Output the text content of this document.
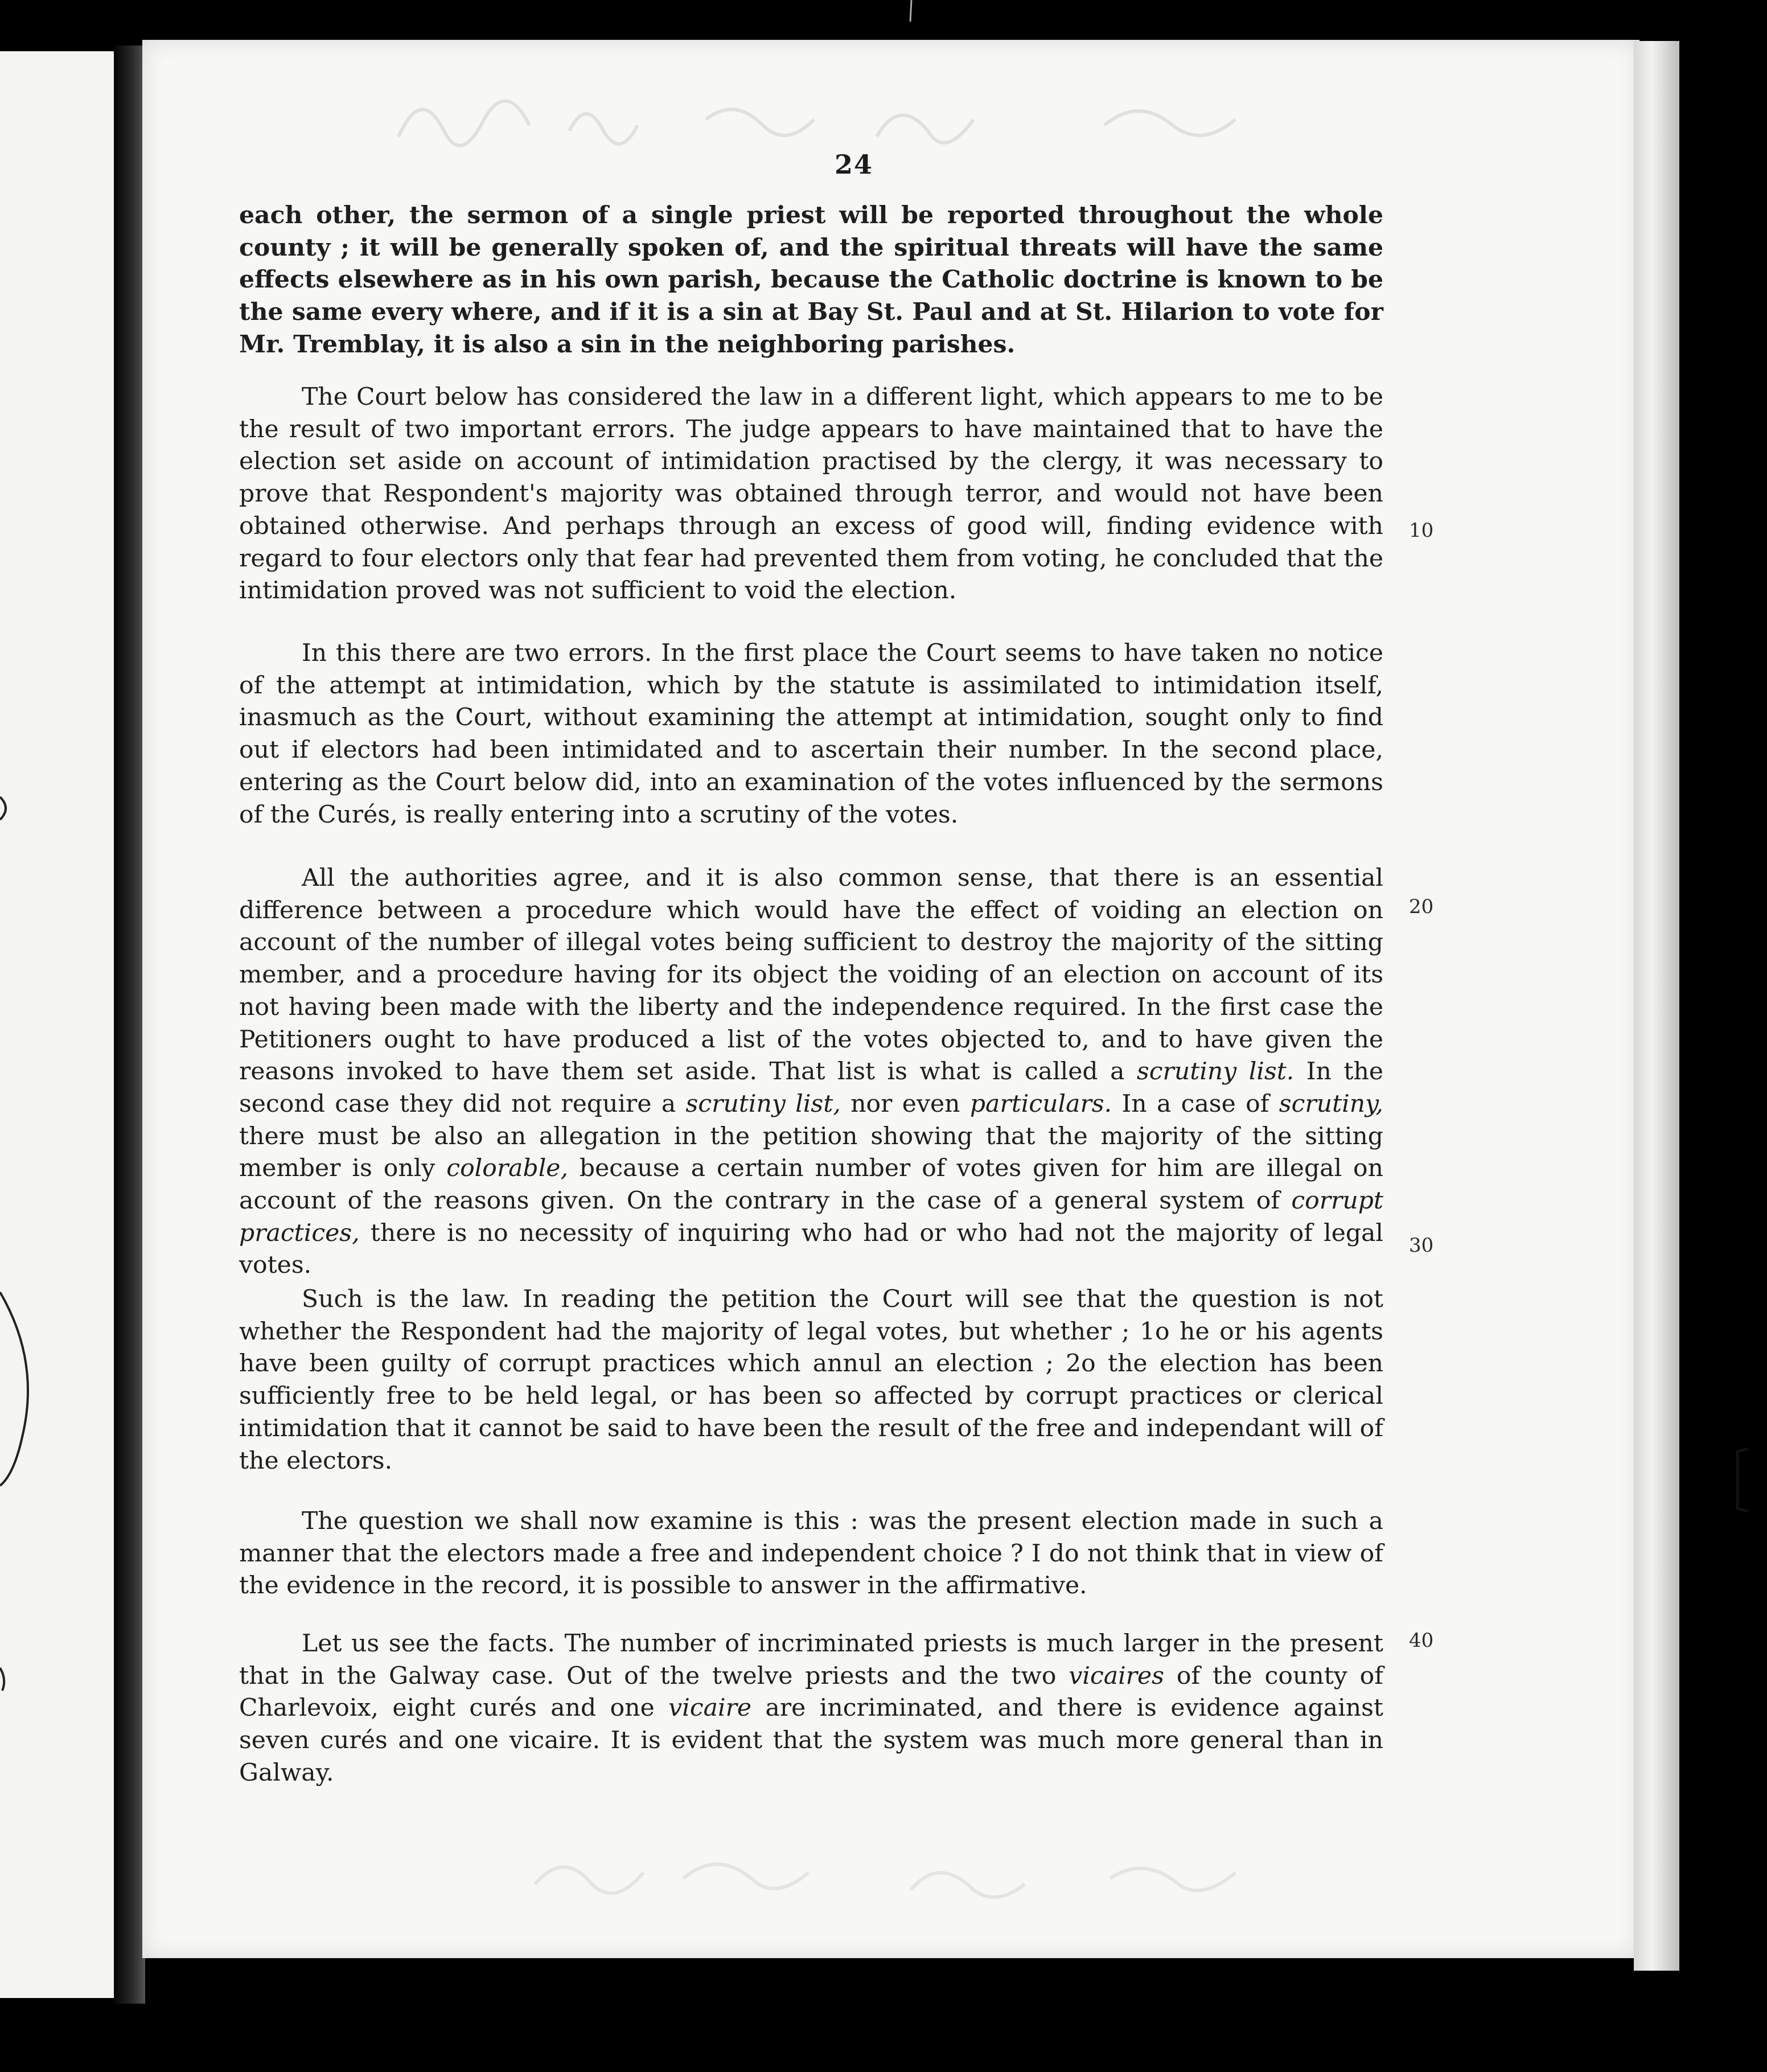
24

each other, the sermon of a single priest will be reported throughout the whole county ; it will be generally spoken of, and the spiritual threats will have the same effects elsewhere as in his own parish, because the Catholic doctrine is known to be the same every where, and if it is a sin at Bay St. Paul and at St. Hilarion to vote for Mr. Tremblay, it is also a sin in the neighboring parishes.

The Court below has considered the law in a different light, which appears to me to be the result of two important errors. The judge appears to have maintained that to have the election set aside on account of intimidation practised by the clergy, it was necessary to prove that Respondent's majority was obtained through terror, and would not have been obtained otherwise. And perhaps through an excess of good will, finding evidence with regard to four electors only that fear had prevented them from voting, he concluded that the intimidation proved was not sufficient to void the election.

In this there are two errors. In the first place the Court seems to have taken no notice of the attempt at intimidation, which by the statute is assimilated to intimidation itself, inasmuch as the Court, without examining the attempt at intimidation, sought only to find out if electors had been intimidated and to ascertain their number. In the second place, entering as the Court below did, into an examination of the votes influenced by the sermons of the Curés, is really entering into a scrutiny of the votes.

All the authorities agree, and it is also common sense, that there is an essential difference between a procedure which would have the effect of voiding an election on account of the number of illegal votes being sufficient to destroy the majority of the sitting member, and a procedure having for its object the voiding of an election on account of its not having been made with the liberty and the independence required. In the first case the Petitioners ought to have produced a list of the votes objected to, and to have given the reasons invoked to have them set aside. That list is what is called a scrutiny list. In the second case they did not require a scrutiny list, nor even particulars. In a case of scrutiny, there must be also an allegation in the petition showing that the majority of the sitting member is only colorable, because a certain number of votes given for him are illegal on account of the reasons given. On the contrary in the case of a general system of corrupt practices, there is no necessity of inquiring who had or who had not the majority of legal votes.

Such is the law. In reading the petition the Court will see that the question is not whether the Respondent had the majority of legal votes, but whether ; 1o he or his agents have been guilty of corrupt practices which annul an election ; 2o the election has been sufficiently free to be held legal, or has been so affected by corrupt practices or clerical intimidation that it cannot be said to have been the result of the free and independant will of the electors.

The question we shall now examine is this : was the present election made in such a manner that the electors made a free and independent choice ? I do not think that in view of the evidence in the record, it is possible to answer in the affirmative.

Let us see the facts. The number of incriminated priests is much larger in the present that in the Galway case. Out of the twelve priests and the two vicaires of the county of Charlevoix, eight curés and one vicaire are incriminated, and there is evidence against seven curés and one vicaire. It is evident that the system was much more general than in Galway.

10
20
30
40
